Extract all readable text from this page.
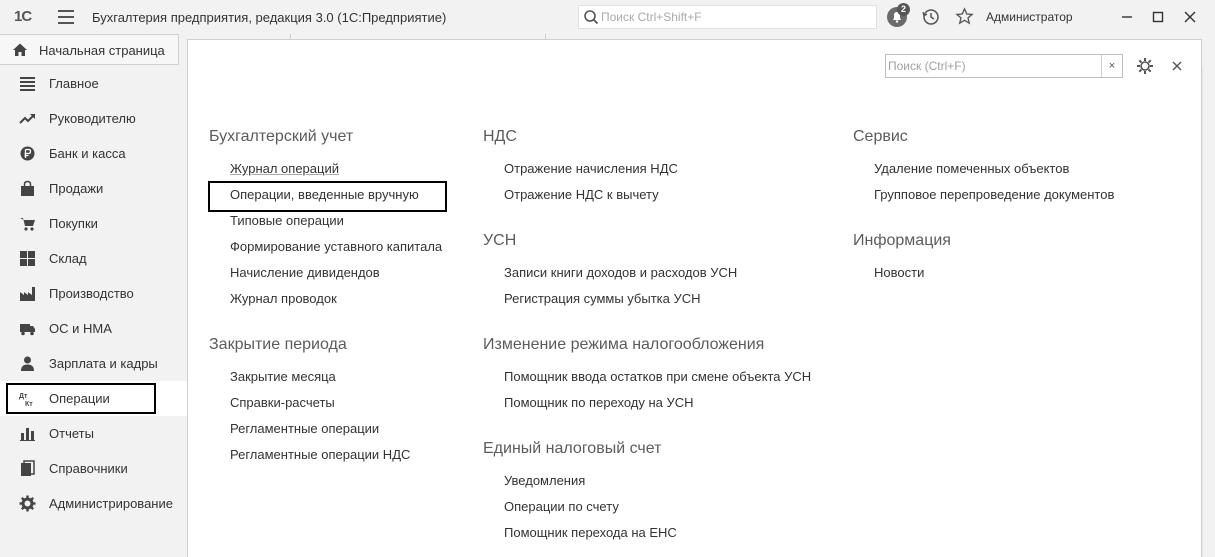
1С	Бухгалтерия предприятия, редакция 3.0 (1С:Предприятие)
Поиск Ctrl+Shift+F
2
Администратор
Начальная страница
Главное
Руководителю
Банк и касса
Продажи
Покупки
Склад
Производство
ОС и НМА
Зарплата и кадры
Дт
Кт Операции
Отчеты
Справочники
Администрирование
Поиск (Ctrl+F)
×
Бухгалтерский учет
Журнал операций
Операции, введенные вручную
Типовые операции
Формирование уставного капитала
Начисление дивидендов
Журнал проводок
Закрытие периода
Закрытие месяца
Справки-расчеты
Регламентные операции
Регламентные операции НДС
НДС
Отражение начисления НДС
Отражение НДС к вычету
УСН
Записи книги доходов и расходов УСН
Регистрация суммы убытка УСН
Изменение режима налогообложения
Помощник ввода остатков при смене объекта УСН
Помощник по переходу на УСН
Единый налоговый счет
Уведомления
Операции по счету
Помощник перехода на ЕНС
Сервис
Удаление помеченных объектов
Групповое перепроведение документов
Информация
Новости
